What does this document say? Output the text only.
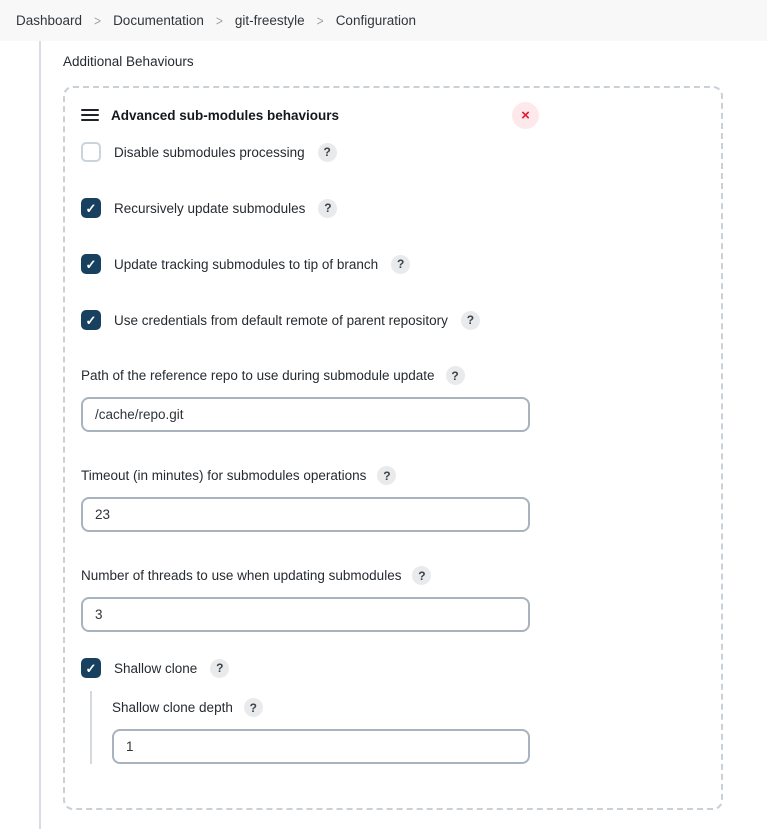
Dashboard > Documentation > git-freestyle > Configuration
Additional Behaviours
Advanced sub-modules behaviours	×
Disable submodules processing	?
✓ Recursively update submodules	?
✓ Update tracking submodules to tip of branch	?
✓ Use credentials from default remote of parent repository	?
Path of the reference repo to use during submodule update	?
/cache/repo.git
Timeout (in minutes) for submodules operations	?
23
Number of threads to use when updating submodules	?
3
✓ Shallow clone	?
Shallow clone depth	?
1
